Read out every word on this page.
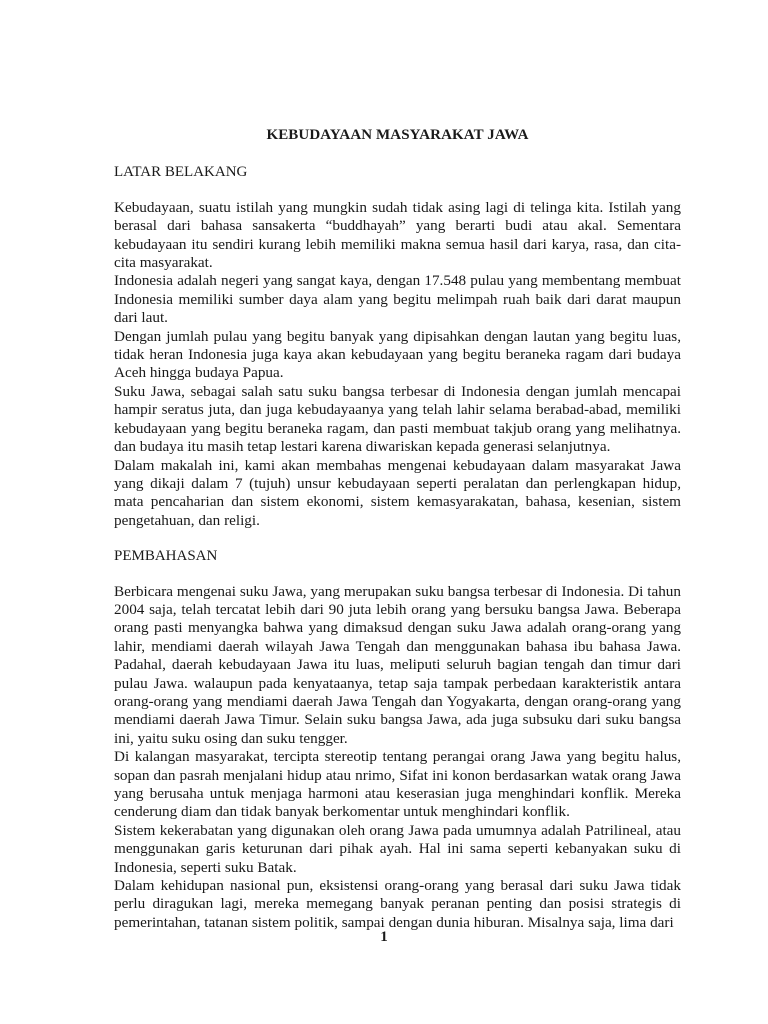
KEBUDAYAAN MASYARAKAT JAWA
LATAR BELAKANG

Kebudayaan, suatu istilah yang mungkin sudah tidak asing lagi di telinga kita. Istilah yang berasal dari bahasa sansakerta “buddhayah” yang berarti budi atau akal. Sementara kebudayaan itu sendiri kurang lebih memiliki makna semua hasil dari karya, rasa, dan cita-cita masyarakat.

Indonesia adalah negeri yang sangat kaya, dengan 17.548 pulau yang membentang membuat Indonesia memiliki sumber daya alam yang begitu melimpah ruah baik dari darat maupun dari laut.

Dengan jumlah pulau yang begitu banyak yang dipisahkan dengan lautan yang begitu luas, tidak heran Indonesia juga kaya akan kebudayaan yang begitu beraneka ragam dari budaya Aceh hingga budaya Papua.

Suku Jawa, sebagai salah satu suku bangsa terbesar di Indonesia dengan jumlah mencapai hampir seratus juta, dan juga kebudayaanya yang telah lahir selama berabad-abad, memiliki kebudayaan yang begitu beraneka ragam, dan pasti membuat takjub orang yang melihatnya. dan budaya itu masih tetap lestari karena diwariskan kepada generasi selanjutnya.

Dalam makalah ini, kami akan membahas mengenai kebudayaan dalam masyarakat Jawa yang dikaji dalam 7 (tujuh) unsur kebudayaan seperti peralatan dan perlengkapan hidup, mata pencaharian dan sistem ekonomi, sistem kemasyarakatan, bahasa, kesenian, sistem pengetahuan, dan religi.

PEMBAHASAN

Berbicara mengenai suku Jawa, yang merupakan suku bangsa terbesar di Indonesia. Di tahun 2004 saja, telah tercatat lebih dari 90 juta lebih orang yang bersuku bangsa Jawa. Beberapa orang pasti menyangka bahwa yang dimaksud dengan suku Jawa adalah orang-orang yang lahir, mendiami daerah wilayah Jawa Tengah dan menggunakan bahasa ibu bahasa Jawa. Padahal, daerah kebudayaan Jawa itu luas, meliputi seluruh bagian tengah dan timur dari pulau Jawa. walaupun pada kenyataanya, tetap saja tampak perbedaan karakteristik antara orang-orang yang mendiami daerah Jawa Tengah dan Yogyakarta, dengan orang-orang yang mendiami daerah Jawa Timur. Selain suku bangsa Jawa, ada juga subsuku dari suku bangsa ini, yaitu suku osing dan suku tengger.

Di kalangan masyarakat, tercipta stereotip tentang perangai orang Jawa yang begitu halus, sopan dan pasrah menjalani hidup atau nrimo, Sifat ini konon berdasarkan watak orang Jawa yang berusaha untuk menjaga harmoni atau keserasian juga menghindari konflik. Mereka cenderung diam dan tidak banyak berkomentar untuk menghindari konflik.

Sistem kekerabatan yang digunakan oleh orang Jawa pada umumnya adalah Patrilineal, atau menggunakan garis keturunan dari pihak ayah. Hal ini sama seperti kebanyakan suku di Indonesia, seperti suku Batak.

Dalam kehidupan nasional pun, eksistensi orang-orang yang berasal dari suku Jawa tidak perlu diragukan lagi, mereka memegang banyak peranan penting dan posisi strategis di pemerintahan, tatanan sistem politik, sampai dengan dunia hiburan. Misalnya saja, lima dari

1
